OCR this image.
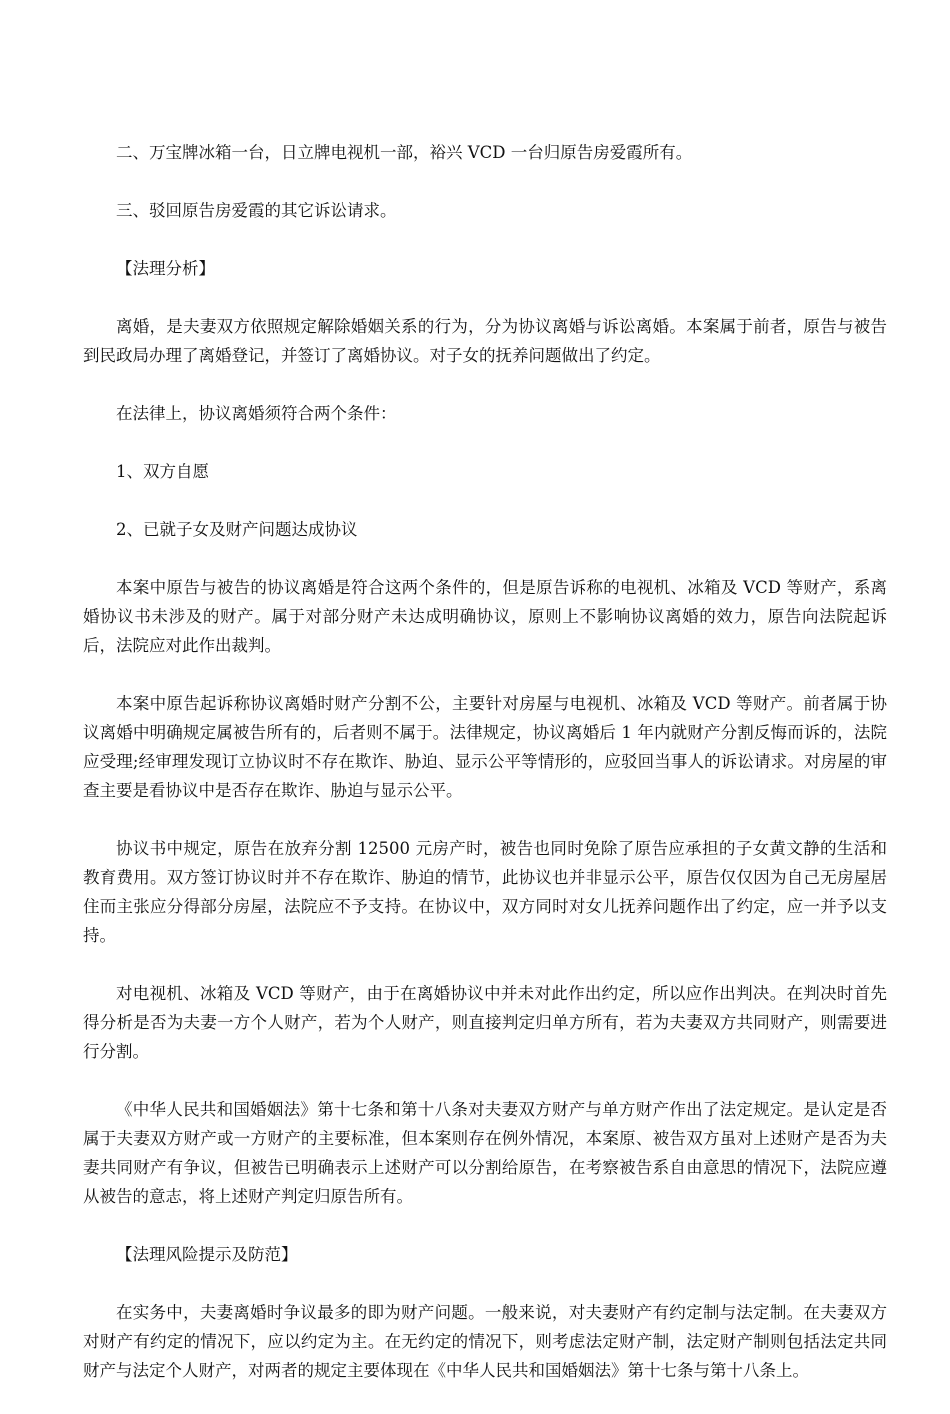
二、万宝牌冰箱一台，日立牌电视机一部，裕兴 VCD 一台归原告房爱霞所有。

三、驳回原告房爱霞的其它诉讼请求。

【法理分析】

离婚，是夫妻双方依照规定解除婚姻关系的行为，分为协议离婚与诉讼离婚。本案属于前者，原告与被告到民政局办理了离婚登记，并签订了离婚协议。对子女的抚养问题做出了约定。

在法律上，协议离婚须符合两个条件：

1、双方自愿

2、已就子女及财产问题达成协议

本案中原告与被告的协议离婚是符合这两个条件的，但是原告诉称的电视机、冰箱及 VCD 等财产，系离婚协议书未涉及的财产。属于对部分财产未达成明确协议，原则上不影响协议离婚的效力，原告向法院起诉后，法院应对此作出裁判。

本案中原告起诉称协议离婚时财产分割不公，主要针对房屋与电视机、冰箱及 VCD 等财产。前者属于协议离婚中明确规定属被告所有的，后者则不属于。法律规定，协议离婚后 1 年内就财产分割反悔而诉的，法院应受理;经审理发现订立协议时不存在欺诈、胁迫、显示公平等情形的，应驳回当事人的诉讼请求。对房屋的审查主要是看协议中是否存在欺诈、胁迫与显示公平。

协议书中规定，原告在放弃分割 12500 元房产时，被告也同时免除了原告应承担的子女黄文静的生活和教育费用。双方签订协议时并不存在欺诈、胁迫的情节，此协议也并非显示公平，原告仅仅因为自己无房屋居住而主张应分得部分房屋，法院应不予支持。在协议中，双方同时对女儿抚养问题作出了约定，应一并予以支持。

对电视机、冰箱及 VCD 等财产，由于在离婚协议中并未对此作出约定，所以应作出判决。在判决时首先得分析是否为夫妻一方个人财产，若为个人财产，则直接判定归单方所有，若为夫妻双方共同财产，则需要进行分割。

《中华人民共和国婚姻法》第十七条和第十八条对夫妻双方财产与单方财产作出了法定规定。是认定是否属于夫妻双方财产或一方财产的主要标准，但本案则存在例外情况，本案原、被告双方虽对上述财产是否为夫妻共同财产有争议，但被告已明确表示上述财产可以分割给原告，在考察被告系自由意思的情况下，法院应遵从被告的意志，将上述财产判定归原告所有。

【法理风险提示及防范】

在实务中，夫妻离婚时争议最多的即为财产问题。一般来说，对夫妻财产有约定制与法定制。在夫妻双方对财产有约定的情况下，应以约定为主。在无约定的情况下，则考虑法定财产制，法定财产制则包括法定共同财产与法定个人财产，对两者的规定主要体现在《中华人民共和国婚姻法》第十七条与第十八条上。
